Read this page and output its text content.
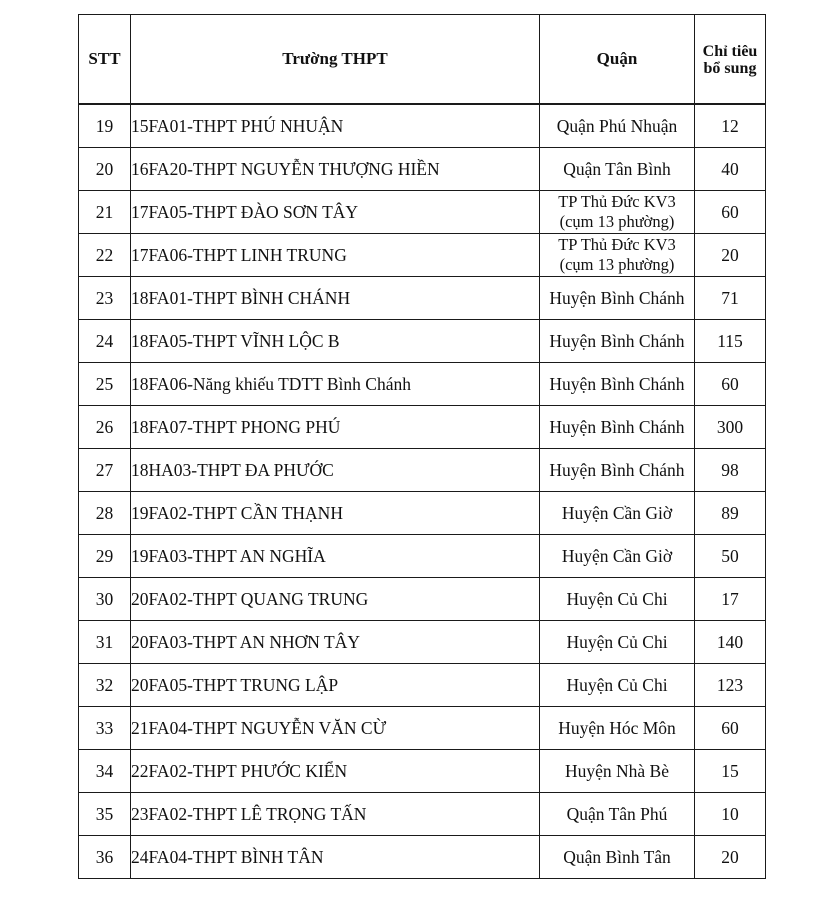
STT	Trường THPT	Quận	Chỉ tiêu bổ sung
19	15FA01-THPT PHÚ NHUẬN	Quận Phú Nhuận	12
20	16FA20-THPT NGUYỄN THƯỢNG HIỀN	Quận Tân Bình	40
21	17FA05-THPT ĐÀO SƠN TÂY	TP Thủ Đức KV3 (cụm 13 phường)	60
22	17FA06-THPT LINH TRUNG	TP Thủ Đức KV3 (cụm 13 phường)	20
23	18FA01-THPT BÌNH CHÁNH	Huyện Bình Chánh	71
24	18FA05-THPT VĨNH LỘC B	Huyện Bình Chánh	115
25	18FA06-Năng khiếu TDTT Bình Chánh	Huyện Bình Chánh	60
26	18FA07-THPT PHONG PHÚ	Huyện Bình Chánh	300
27	18HA03-THPT ĐA PHƯỚC	Huyện Bình Chánh	98
28	19FA02-THPT CẦN THẠNH	Huyện Cần Giờ	89
29	19FA03-THPT AN NGHĨA	Huyện Cần Giờ	50
30	20FA02-THPT QUANG TRUNG	Huyện Củ Chi	17
31	20FA03-THPT AN NHƠN TÂY	Huyện Củ Chi	140
32	20FA05-THPT TRUNG LẬP	Huyện Củ Chi	123
33	21FA04-THPT NGUYỄN VĂN CỪ	Huyện Hóc Môn	60
34	22FA02-THPT PHƯỚC KIỂN	Huyện Nhà Bè	15
35	23FA02-THPT LÊ TRỌNG TẤN	Quận Tân Phú	10
36	24FA04-THPT BÌNH TÂN	Quận Bình Tân	20
